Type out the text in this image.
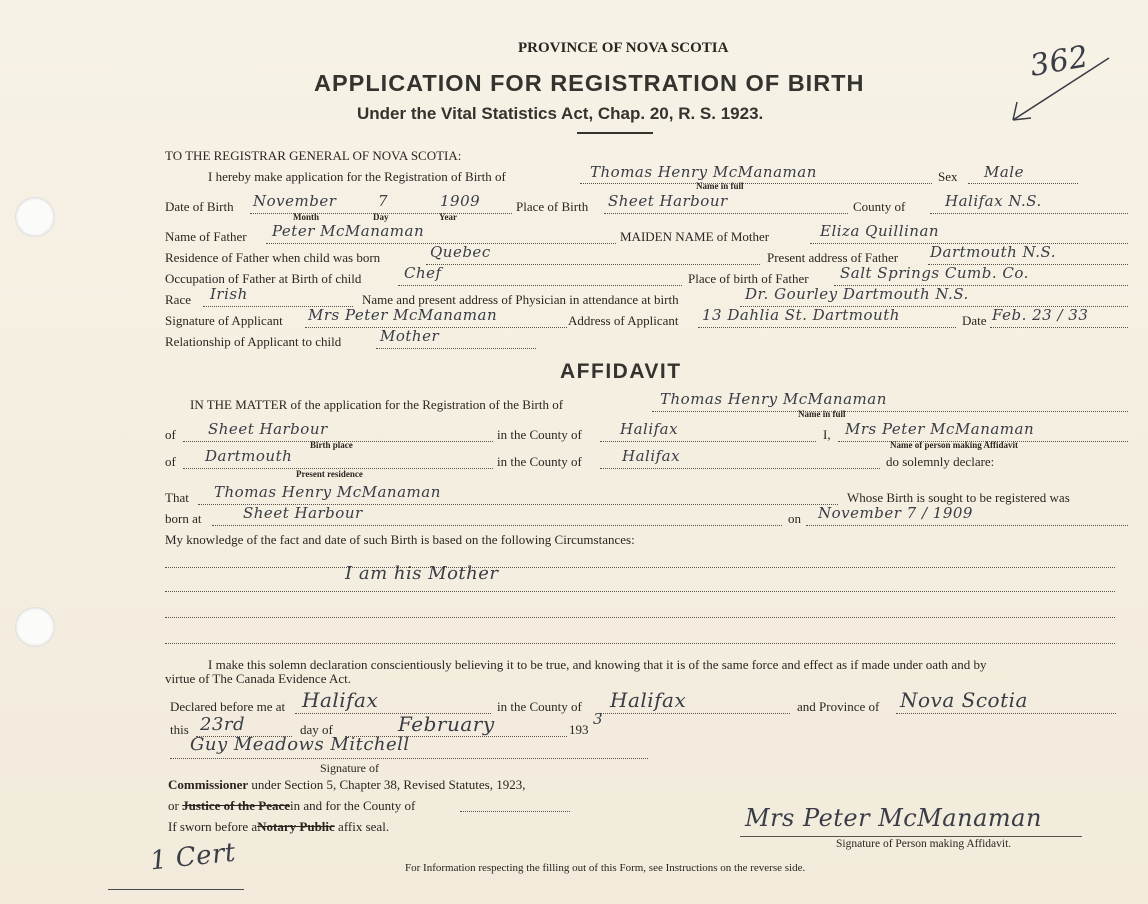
PROVINCE OF NOVA SCOTIA
APPLICATION FOR REGISTRATION OF BIRTH
Under the Vital Statistics Act, Chap. 20, R. S. 1923.
362
TO THE REGISTRAR GENERAL OF NOVA SCOTIA:
I hereby make application for the Registration of Birth of	Thomas Henry McManaman
Name in full
Sex Male
Date of Birth November	7	1909
Month	Day	Year
Place of Birth Sheet Harbour	County of	Halifax N.S.
Name of Father Peter McManaman	MAIDEN NAME of Mother	Eliza Quillinan
Residence of Father when child was born	Quebec	Present address of Father Dartmouth N.S.
Occupation of Father at Birth of child	Chef	Place of birth of Father Salt Springs Cumb. Co.
Race Irish	Name and present address of Physician in attendance at birth	Dr. Gourley Dartmouth N.S.
Signature of Applicant Mrs Peter McManaman	Address of Applicant 13 Dahlia St. Dartmouth	Date Feb. 23 / 33
Relationship of Applicant to child	Mother
AFFIDAVIT
IN THE MATTER of the application for the Registration of the Birth of	Thomas Henry McManaman
Name in full
of Sheet Harbour
Birth place
in the County of	Halifax	I, Mrs Peter McManaman
Name of person making Affidavit
of Dartmouth
Present residence
in the County of	Halifax	do solemnly declare:
That Thomas Henry McManaman	Whose Birth is sought to be registered was
born at	Sheet Harbour	on November 7 / 1909
My knowledge of the fact and date of such Birth is based on the following Circumstances:
I am his Mother
I make this solemn declaration conscientiously believing it to be true, and knowing that it is of the same force and effect as if made under oath and by
virtue of The Canada Evidence Act.
Declared before me at Halifax	in the County of Halifax	and Province of Nova Scotia
this 23rd	day of	February	193
3
Guy Meadows Mitchell
Signature of
Commissioner under Section 5, Chapter 38, Revised Statutes, 1923,
or Justice of the Peacein and for the County of
If sworn before aNotary Public affix seal.	Mrs Peter McManaman
Signature of Person making Affidavit.
1 Cert	For Information respecting the filling out of this Form, see Instructions on the reverse side.
